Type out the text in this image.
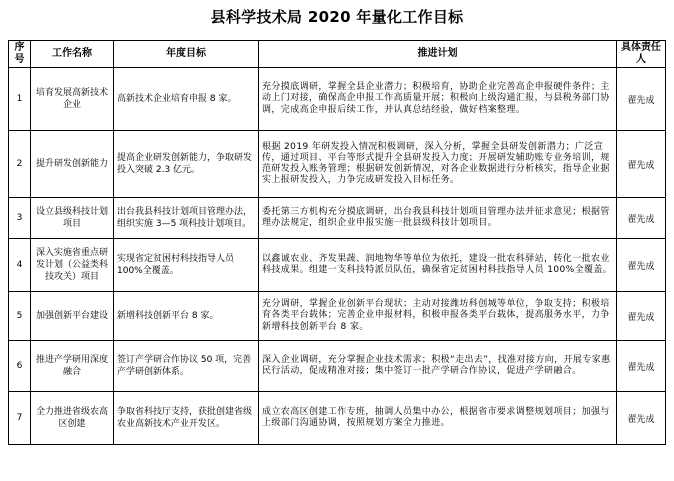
县科学技术局 2020 年量化工作目标
序号	工作名称	年度目标	推进计划	具体责任人
1	培育发展高新技术企业	高新技术企业培育申报 8 家。	充分摸底调研，掌握全县企业潜力；积极培育，协助企业完善高企申报硬件条件；主动上门对接，确保高企申报工作高质量开展；积极向上级沟通汇报，与县税务部门协调，完成高企申报后续工作，并认真总结经验，做好档案整理。	翟先成
2	提升研发创新能力	提高企业研发创新能力，争取研发投入突破 2.3 亿元。	根据 2019 年研发投入情况积极调研，深入分析，掌握全县研发创新潜力；广泛宣传，通过项目、平台等形式提升全县研发投入力度；开展研发辅助账专业务培训，规范研发投入账务管理；根据研发创新情况，对各企业数据进行分析核实，指导企业据实上报研发投入，力争完成研发投入目标任务。	翟先成
3	设立县级科技计划项目	出台我县科技计划项目管理办法，组织实施 3—5 项科技计划项目。	委托第三方机构充分摸底调研，出台我县科技计划项目管理办法并征求意见；根据管理办法规定，组织企业申报实施一批县级科技计划项目。	翟先成
4	深入实施省重点研发计划（公益类科技攻关）项目	实现省定贫困村科技指导人员 100%全覆盖。	以鑫诚农业、齐发果蔬、润地物华等单位为依托，建设一批农科驿站，转化一批农业科技成果。组建一支科技特派员队伍，确保省定贫困村科技指导人员 100%全覆盖。	翟先成
5	加强创新平台建设	新增科技创新平台 8 家。	充分调研，掌握企业创新平台现状；主动对接潍坊科创城等单位，争取支持；积极培育各类平台载体；完善企业申报材料，积极申报各类平台载体，提高服务水平，力争新增科技创新平台 8 家。	翟先成
6	推进产学研用深度融合	签订产学研合作协议 50 项，完善产学研创新体系。	深入企业调研，充分掌握企业技术需求；积极“走出去”，找准对接方向，开展专家惠民行活动，促成精准对接；集中签订一批产学研合作协议，促进产学研融合。	翟先成
7	全力推进省级农高区创建	争取省科技厅支持，获批创建省级农业高新技术产业开发区。	成立农高区创建工作专班，抽调人员集中办公，根据省市要求调整规划项目；加强与上级部门沟通协调，按照规划方案全力推进。	翟先成
